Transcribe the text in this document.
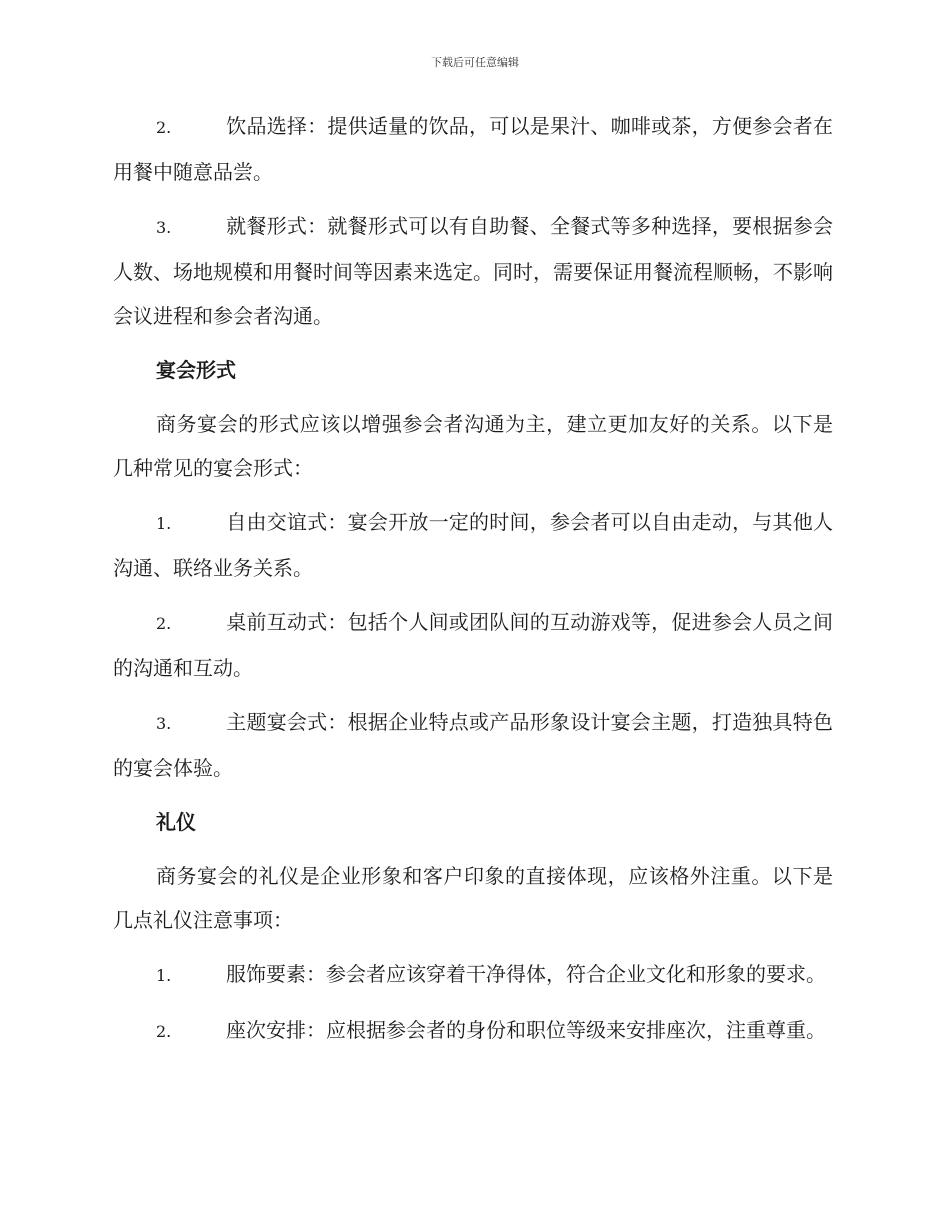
下载后可任意编辑

2.	饮品选择：提供适量的饮品，可以是果汁、咖啡或茶，方便参会者在用餐中随意品尝。

3.	就餐形式：就餐形式可以有自助餐、全餐式等多种选择，要根据参会人数、场地规模和用餐时间等因素来选定。同时，需要保证用餐流程顺畅，不影响会议进程和参会者沟通。

宴会形式

商务宴会的形式应该以增强参会者沟通为主，建立更加友好的关系。以下是几种常见的宴会形式：

1.	自由交谊式：宴会开放一定的时间，参会者可以自由走动，与其他人沟通、联络业务关系。

2.	桌前互动式：包括个人间或团队间的互动游戏等，促进参会人员之间的沟通和互动。

3.	主题宴会式：根据企业特点或产品形象设计宴会主题，打造独具特色的宴会体验。

礼仪

商务宴会的礼仪是企业形象和客户印象的直接体现，应该格外注重。以下是几点礼仪注意事项：

1.	服饰要素：参会者应该穿着干净得体，符合企业文化和形象的要求。

2.	座次安排：应根据参会者的身份和职位等级来安排座次，注重尊重。
